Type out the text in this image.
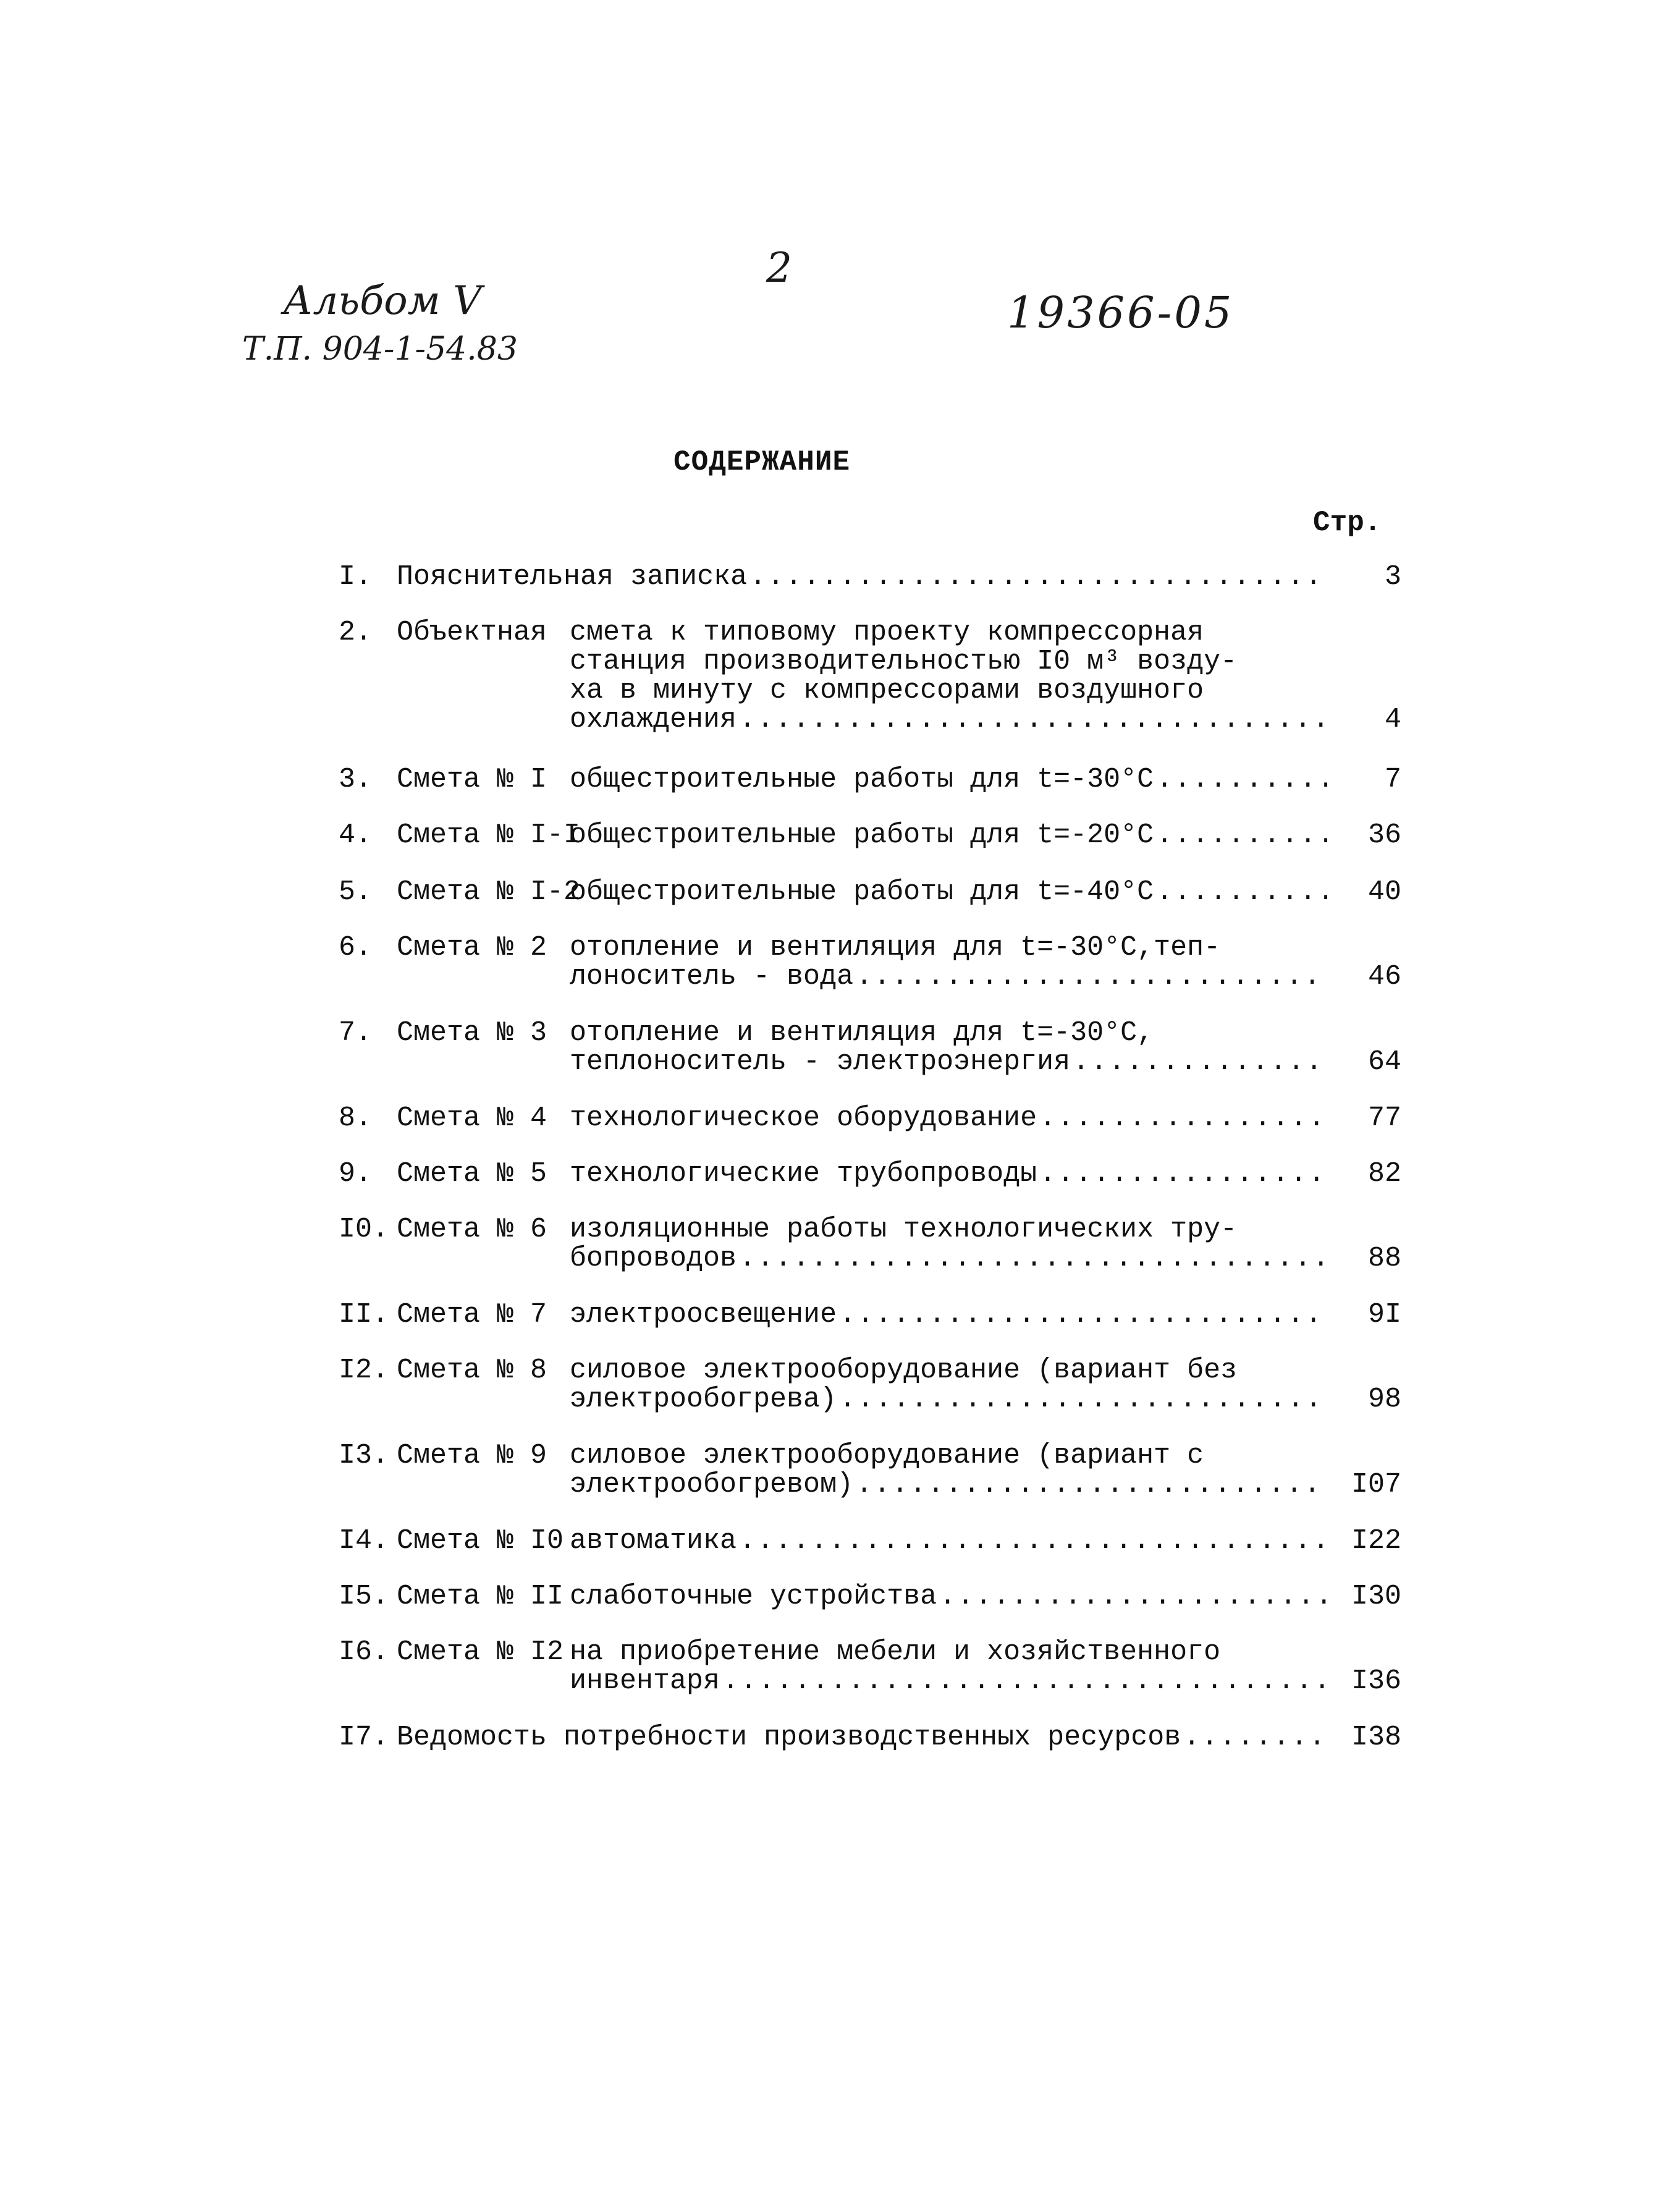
2
Альбом Ⅴ
Т.П. 904-1-54.83
19366-05
СОДЕРЖАНИЕ
Стр.
I. Пояснительная записка .....	3
2. Объектная смета к типовому проекту компрессорная
станция производительностью I0 м³ возду-
ха в минуту с компрессорами воздушного
охлаждения .....	4
3. Смета № I общестроительные работы для t=-30°C .....	7
4. Смета № I-I
общестроительные работы для t=-20°C .....	36
5. Смета № I-2
общестроительные работы для t=-40°C .....	40
6. Смета № 2 отопление и вентиляция для t=-30°C,теп-
лоноситель - вода .....	46
7. Смета № 3 отопление и вентиляция для t=-30°C,
теплоноситель - электроэнергия .....	64
8. Смета № 4 технологическое оборудование .....	77
9. Смета № 5 технологические трубопроводы .....	82
I0. Смета № 6 изоляционные работы технологических тру-
бопроводов .....	88
II. Смета № 7 электроосвещение .....	9I
I2. Смета № 8 силовое электрооборудование (вариант без
электрообогрева) .....	98
I3. Смета № 9 силовое электрооборудование (вариант с
электрообогревом) .....	I07
I4. Смета № I0 автоматика .....	I22
I5. Смета № II слаботочные устройства .....	I30
I6. Смета № I2 на приобретение мебели и хозяйственного
инвентаря .....	I36
I7. Ведомость потребности производственных ресурсов .....	I38
